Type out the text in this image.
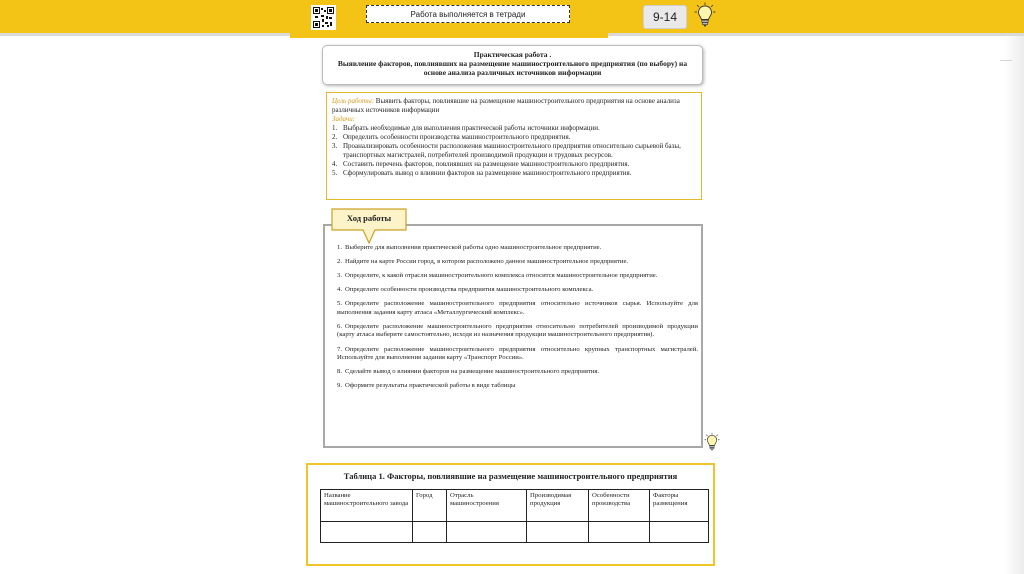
Работа выполняется в тетради	9-14
Практическая работа .
Выявление факторов, повлиявших на размещение машиностроительного предприятия (по выбору) на основе анализа различных источников информации
Цель работы: Выявить факторы, повлиявшие на размещение машиностроительного предприятия на основе анализа различных источников информации
Задачи:
1. Выбрать необходимые для выполнения практической работы источники информации.
2. Определить особенности производства машиностроительного предприятия.
3. Проанализировать особенности расположения машиностроительного предприятия относительно сырьевой базы, транспортных магистралей, потребителей производимой продукции и трудовых ресурсов.
4. Составить перечень факторов, повлиявших на размещение машиностроительного предприятия.
5. Сформулировать вывод о влиянии факторов на размещение машиностроительного предприятия.

1. Выберите для выполнения практической работы одно машиностроительное предприятие.

2. Найдите на карте России город, в котором расположено данное машиностроительное предприятие.

3. Определите, к какой отрасли машиностроительного комплекса относится машиностроительное предприятие.

4. Определите особенности производства предприятия машиностроительного комплекса.

5. Определите расположение машиностроительного предприятия относительно источников сырья. Используйте для выполнения задания карту атласа «Металлургический комплекс».

6. Определите расположение машиностроительного предприятия относительно потребителей производимой продукции (карту атласа выберите самостоятельно, исходя из назначения продукции машиностроительного предприятия).

7. Определите расположение машиностроительного предприятия относительно крупных транспортных магистралей. Используйте для выполнения задания карту «Транспорт России».

8. Сделайте вывод о влиянии факторов на размещение машиностроительного предприятия.

9. Оформите результаты практической работы в виде таблицы

Ход работы
Таблица 1. Факторы, повлиявшие на размещение машиностроительного предприятия
Название машиностроительного завода	Город	Отрасль машиностроения	Производимая продукция	Особенности производства	Факторы размещения
